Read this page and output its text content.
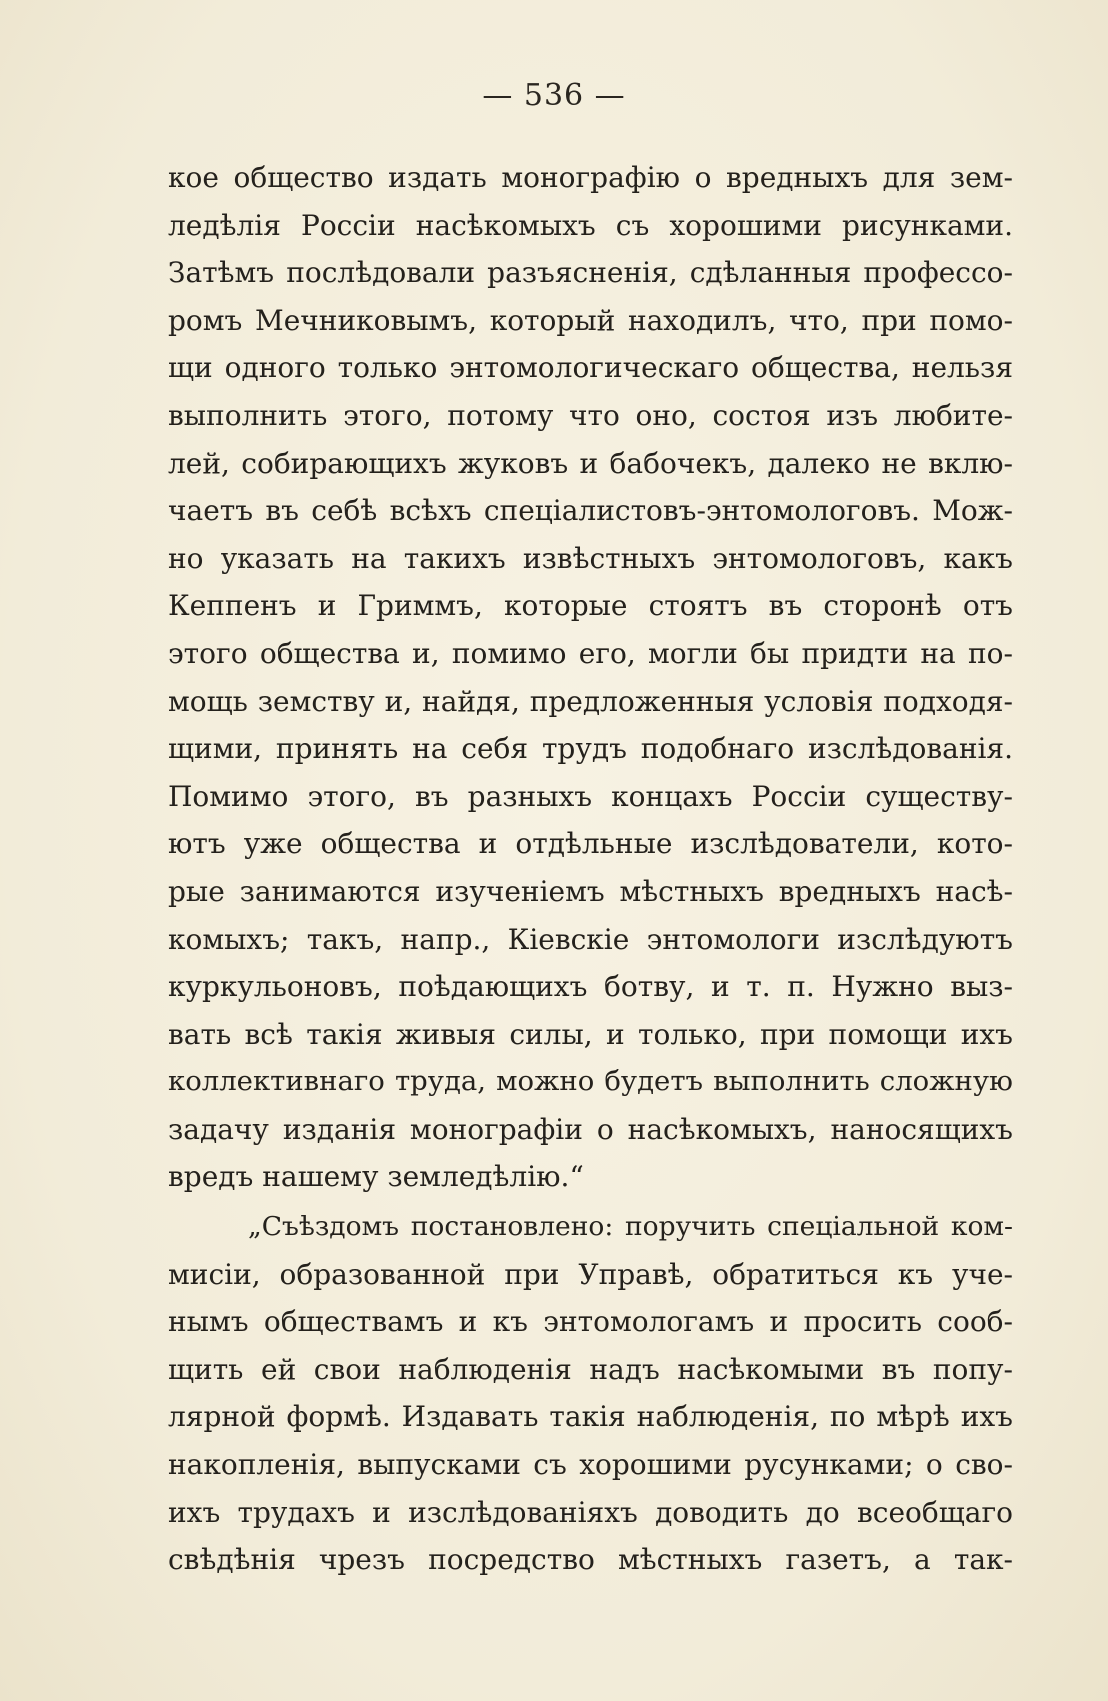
— 536 —
кое общество издать монографію о вредныхъ для зем-
ледѣлія Россіи насѣкомыхъ съ хорошими рисунками.
Затѣмъ послѣдовали разъясненія, сдѣланныя профессо-
ромъ Мечниковымъ, который находилъ, что, при помо-
щи одного только энтомологическаго общества, нельзя
выполнить этого, потому что оно, состоя изъ любите-
лей, собирающихъ жуковъ и бабочекъ, далеко не вклю-
чаетъ въ себѣ всѣхъ спеціалистовъ-энтомологовъ. Мож-
но указать на такихъ извѣстныхъ энтомологовъ, какъ
Кеппенъ и Гриммъ, которые стоятъ въ сторонѣ отъ
этого общества и, помимо его, могли бы придти на по-
мощь земству и, найдя, предложенныя условія подходя-
щими, принять на себя трудъ подобнаго изслѣдованія.
Помимо этого, въ разныхъ концахъ Россіи существу-
ютъ уже общества и отдѣльные изслѣдователи, кото-
рые занимаются изученіемъ мѣстныхъ вредныхъ насѣ-
комыхъ; такъ, напр., Кіевскіе энтомологи изслѣдуютъ
куркульоновъ, поѣдающихъ ботву, и т. п. Нужно выз-
вать всѣ такія живыя силы, и только, при помощи ихъ
коллективнаго труда, можно будетъ выполнить сложную
задачу изданія монографіи о насѣкомыхъ, наносящихъ
вредъ нашему земледѣлію.“
„Съѣздомъ постановлено: поручить спеціальной ком-
мисіи, образованной при Управѣ, обратиться къ уче-
нымъ обществамъ и къ энтомологамъ и просить сооб-
щить ей свои наблюденія надъ насѣкомыми въ попу-
лярной формѣ. Издавать такія наблюденія, по мѣрѣ ихъ
накопленія, выпусками съ хорошими русунками; о сво-
ихъ трудахъ и изслѣдованіяхъ доводить до всеобщаго
свѣдѣнія чрезъ посредство мѣстныхъ газетъ, а так-
